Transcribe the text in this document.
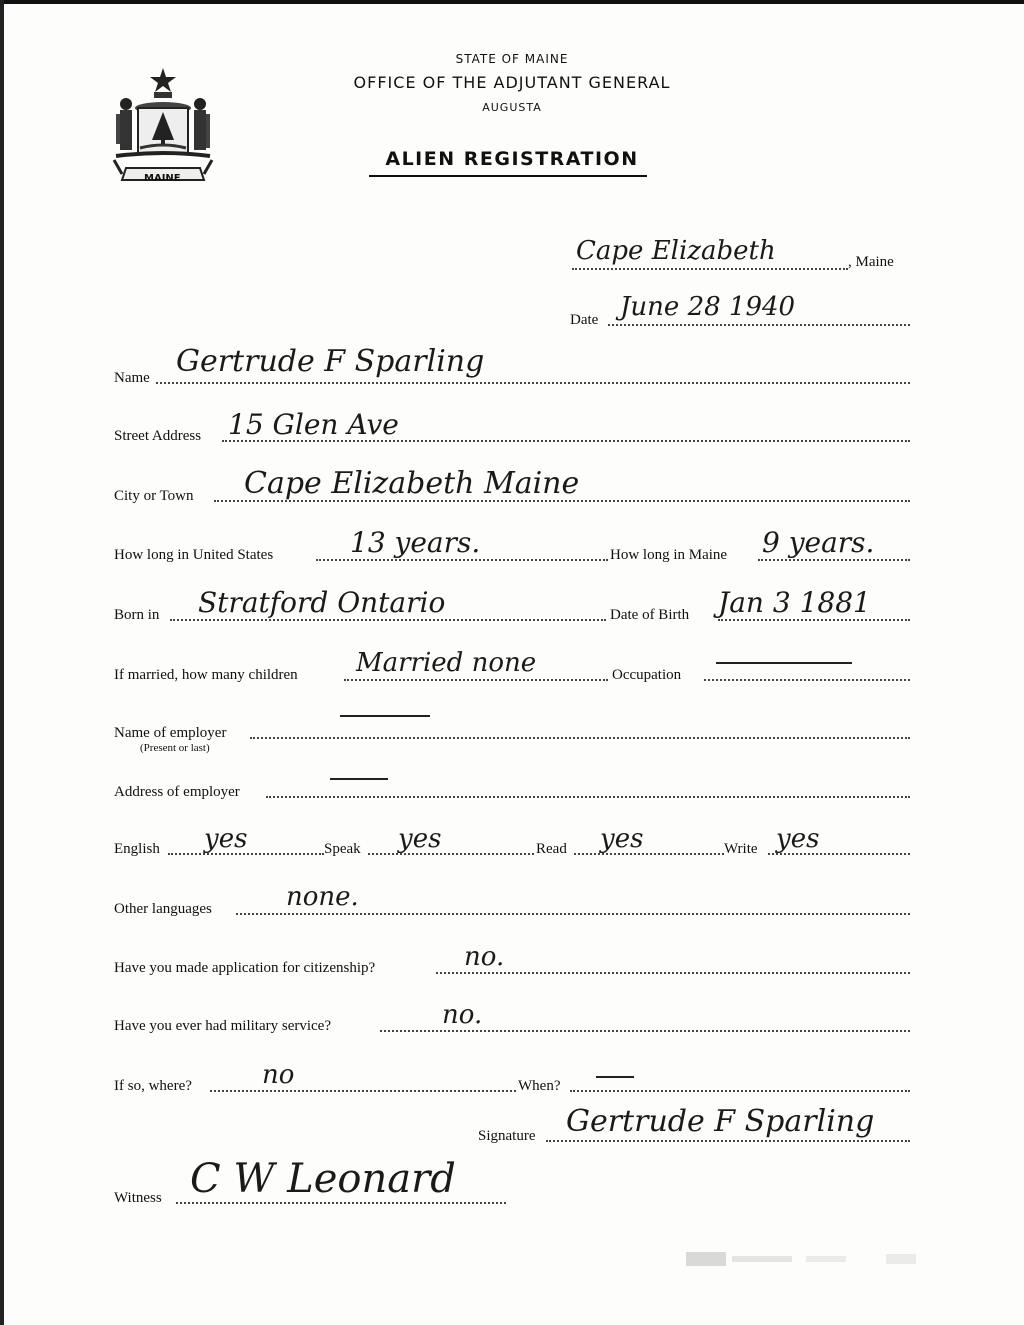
MAINE
STATE OF MAINE
OFFICE OF THE ADJUTANT GENERAL
AUGUSTA
ALIEN REGISTRATION
Cape Elizabeth	, Maine
Date June 28 1940
Name Gertrude F Sparling
Street Address 15 Glen Ave
City or Town Cape Elizabeth Maine
How long in United States	13 years.	How long in Maine 9 years.
Born in Stratford Ontario	Date of Birth Jan 3 1881
If married, how many children Married none	Occupation
Name of employer
(Present or last)
Address of employer
English yes	Speak yes	Read yes	Write yes
Other languages	none.
Have you made application for citizenship?	no.
Have you ever had military service?	no.
If so, where?	no	When?
Signature Gertrude F Sparling
Witness C W Leonard
